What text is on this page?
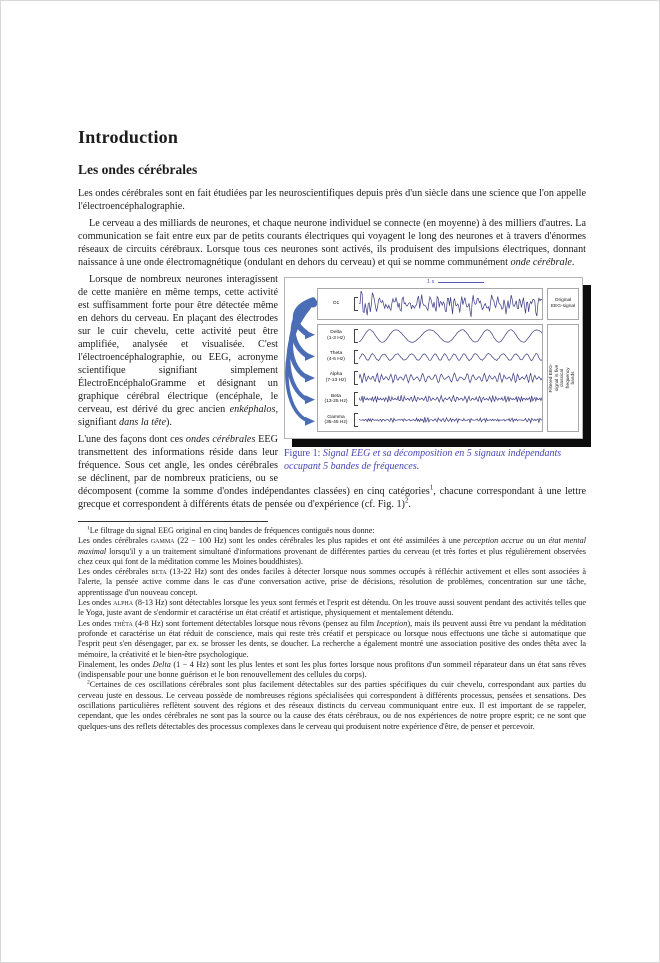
Introduction
Les ondes cérébrales

Les ondes cérébrales sont en fait étudiées par les neuroscientifiques depuis près d'un siècle dans une science que l'on appelle l'électroencéphalographie.

Le cerveau a des milliards de neurones, et chaque neurone individuel se connecte (en moyenne) à des milliers d'autres. La communication se fait entre eux par de petits courants électriques qui voyagent le long des neurones et à travers d'énormes réseaux de circuits cérébraux. Lorsque tous ces neurones sont activés, ils produisent des impulsions électriques, donnant naissance à une onde électromagnétique (ondulant en dehors du cerveau) et qui se nomme communément onde cérébrale.

1 s
O1
Delta
(1-3 Hz)
Theta
(4-6 Hz)
Alpha
(7-13 Hz)
Beta
(13-25 Hz)
Gamma
(35-45 Hz)
Original EEG-signal
Filtered EEG-signal in five classical frequency bands
Figure 1: Signal EEG et sa décomposition en 5 signaux indépendants occupant 5 bandes de fréquences.

Lorsque de nombreux neurones interagissent de cette manière en même temps, cette activité est suffisamment forte pour être détectée même en dehors du cerveau. En plaçant des électrodes sur le cuir chevelu, cette activité peut être amplifiée, analysée et visualisée. C'est l'électroencéphalographie, ou EEG, acronyme scientifique signifiant simplement ÉlectroEncéphaloGramme et désignant un graphique cérébral électrique (encéphale, le cerveau, est dérivé du grec ancien enképhalos, signifiant dans la tête).

L'une des façons dont ces ondes cérébrales EEG transmettent des informations réside dans leur fréquence. Sous cet angle, les ondes cérébrales se déclinent, par de nombreux praticiens, ou se décomposent (comme la somme d'ondes indépendantes classées) en cinq catégories$^1$, chacune correspondant à une lettre grecque et correspondent à différents états de pensée ou d'expérience (cf. Fig. 1)$^2$.

$^1$Le filtrage du signal EEG original en cinq bandes de fréquences contiguës nous donne:
Les ondes cérébrales gamma (22 − 100 Hz) sont les ondes cérébrales les plus rapides et ont été assimilées à une perception accrue ou un état mental maximal lorsqu'il y a un traitement simultané d'informations provenant de différentes parties du cerveau (et très fortes et plus régulièrement observées chez ceux qui font de la méditation comme les Moines bouddhistes).
Les ondes cérébrales beta (13-22 Hz) sont des ondes faciles à détecter lorsque nous sommes occupés à réfléchir activement et elles sont associées à l'alerte, la pensée active comme dans le cas d'une conversation active, prise de décisions, résolution de problèmes, concentration sur une tâche, apprentissage d'un nouveau concept.
Les ondes alpha (8-13 Hz) sont détectables lorsque les yeux sont fermés et l'esprit est détendu. On les trouve aussi souvent pendant des activités telles que le Yoga, juste avant de s'endormir et caractérise un état créatif et artistique, physiquement et mentalement détendu.
Les ondes thêta (4-8 Hz) sont fortement détectables lorsque nous rêvons (pensez au film Inception), mais ils peuvent aussi être vu pendant la méditation profonde et caractérise un état réduit de conscience, mais qui reste très créatif et perspicace ou lorsque nous effectuons une tâche si automatique que l'esprit peut s'en désengager, par ex. se brosser les dents, se doucher. La recherche a également montré une association positive des ondes thêta avec la mémoire, la créativité et le bien-être psychologique.
Finalement, les ondes Delta (1 − 4 Hz) sont les plus lentes et sont les plus fortes lorsque nous profitons d'un sommeil réparateur dans un état sans rêves (indispensable pour une bonne guérison et le bon renouvellement des cellules du corps).
$^2$Certaines de ces oscillations cérébrales sont plus facilement détectables sur des parties spécifiques du cuir chevelu, correspondant aux parties du cerveau juste en dessous. Le cerveau possède de nombreuses régions spécialisées qui correspondent à différents processus, pensées et sensations. Des oscillations particulières reflètent souvent des régions et des réseaux distincts du cerveau communiquant entre eux. Il est important de se rappeler, cependant, que les ondes cérébrales ne sont pas la source ou la cause des états cérébraux, ou de nos expériences de notre propre esprit; ce ne sont que quelques-uns des reflets détectables des processus complexes dans le cerveau qui produisent notre expérience d'être, de penser et percevoir.
